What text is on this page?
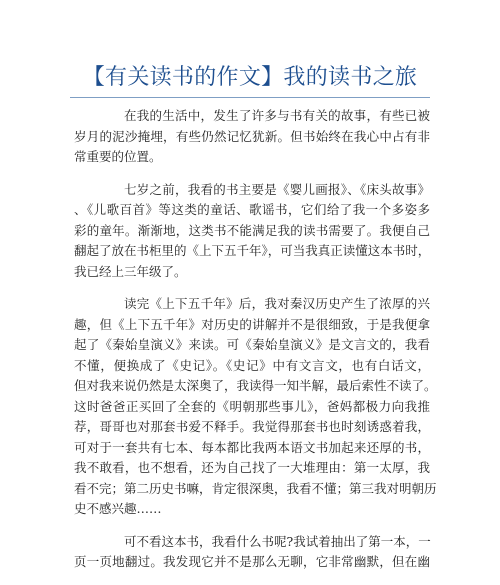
【有关读书的作文】我的读书之旅
在我的生活中，发生了许多与书有关的故事，有些已被
岁月的泥沙掩埋，有些仍然记忆犹新。但书始终在我心中占有非
常重要的位置。
七岁之前，我看的书主要是《婴儿画报》、《床头故事》
、《儿歌百首》等这类的童话、歌谣书，它们给了我一个多姿多
彩的童年。渐渐地，这类书不能满足我的读书需要了。我便自己
翻起了放在书柜里的《上下五千年》，可当我真正读懂这本书时，
我已经上三年级了。
读完《上下五千年》后，我对秦汉历史产生了浓厚的兴
趣，但《上下五千年》对历史的讲解并不是很细致，于是我便拿
起了《秦始皇演义》来读。可《秦始皇演义》是文言文的，我看
不懂，便换成了《史记》。《史记》中有文言文，也有白话文，
但对我来说仍然是太深奥了，我读得一知半解，最后索性不读了。
这时爸爸正买回了全套的《明朝那些事儿》，爸妈都极力向我推
荐，哥哥也对那套书爱不释手。我觉得那套书也时刻诱惑着我，
可对于一套共有七本、每本都比我两本语文书加起来还厚的书，
我不敢看，也不想看，还为自己找了一大堆理由：第一太厚，我
看不完；第二历史书嘛，肯定很深奥，我看不懂；第三我对明朝历
史不感兴趣……
可不看这本书，我看什么书呢?我试着抽出了第一本，一
页一页地翻过。我发现它并不是那么无聊，它非常幽默，但在幽
